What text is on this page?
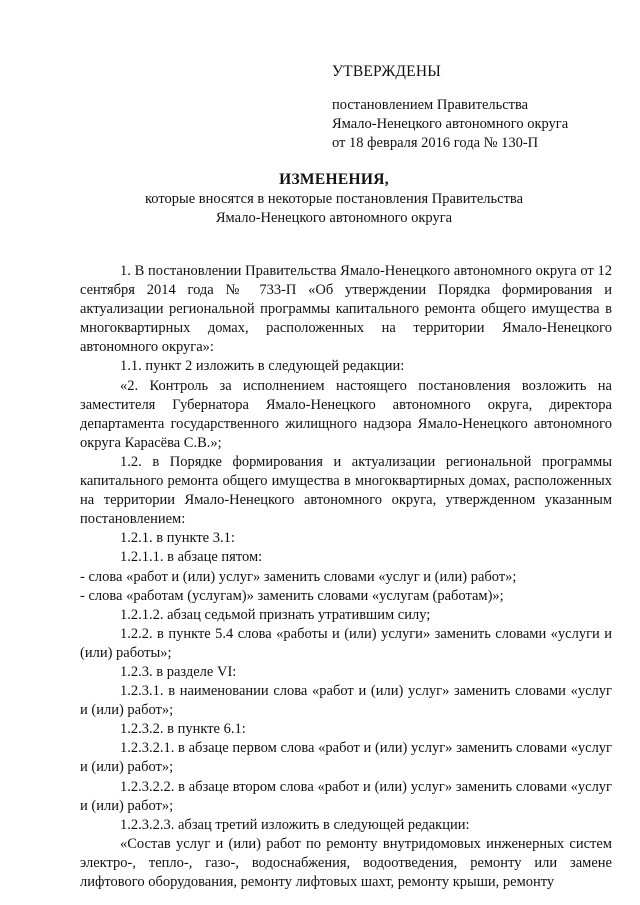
УТВЕРЖДЕНЫ
постановлением Правительства
Ямало-Ненецкого автономного округа
от 18 февраля 2016 года № 130-П
ИЗМЕНЕНИЯ,
которые вносятся в некоторые постановления Правительства
Ямало-Ненецкого автономного округа

1. В постановлении Правительства Ямало-Ненецкого автономного округа от 12 сентября 2014 года № 733-П «Об утверждении Порядка формирования и актуализации региональной программы капитального ремонта общего имущества в многоквартирных домах, расположенных на территории Ямало-Ненецкого автономного округа»:

1.1. пункт 2 изложить в следующей редакции:

«2. Контроль за исполнением настоящего постановления возложить на заместителя Губернатора Ямало-Ненецкого автономного округа, директора департамента государственного жилищного надзора Ямало-Ненецкого автономного округа Карасёва С.В.»;

1.2. в Порядке формирования и актуализации региональной программы капитального ремонта общего имущества в многоквартирных домах, расположенных на территории Ямало-Ненецкого автономного округа, утвержденном указанным постановлением:

1.2.1. в пункте 3.1:

1.2.1.1. в абзаце пятом:

- слова «работ и (или) услуг» заменить словами «услуг и (или) работ»;

- слова «работам (услугам)» заменить словами «услугам (работам)»;

1.2.1.2. абзац седьмой признать утратившим силу;

1.2.2. в пункте 5.4 слова «работы и (или) услуги» заменить словами «услуги и (или) работы»;

1.2.3. в разделе VI:

1.2.3.1. в наименовании слова «работ и (или) услуг» заменить словами «услуг и (или) работ»;

1.2.3.2. в пункте 6.1:

1.2.3.2.1. в абзаце первом слова «работ и (или) услуг» заменить словами «услуг и (или) работ»;

1.2.3.2.2. в абзаце втором слова «работ и (или) услуг» заменить словами «услуг и (или) работ»;

1.2.3.2.3. абзац третий изложить в следующей редакции:

«Состав услуг и (или) работ по ремонту внутридомовых инженерных систем электро-, тепло-, газо-, водоснабжения, водоотведения, ремонту или замене лифтового оборудования, ремонту лифтовых шахт, ремонту крыши, ремонту
